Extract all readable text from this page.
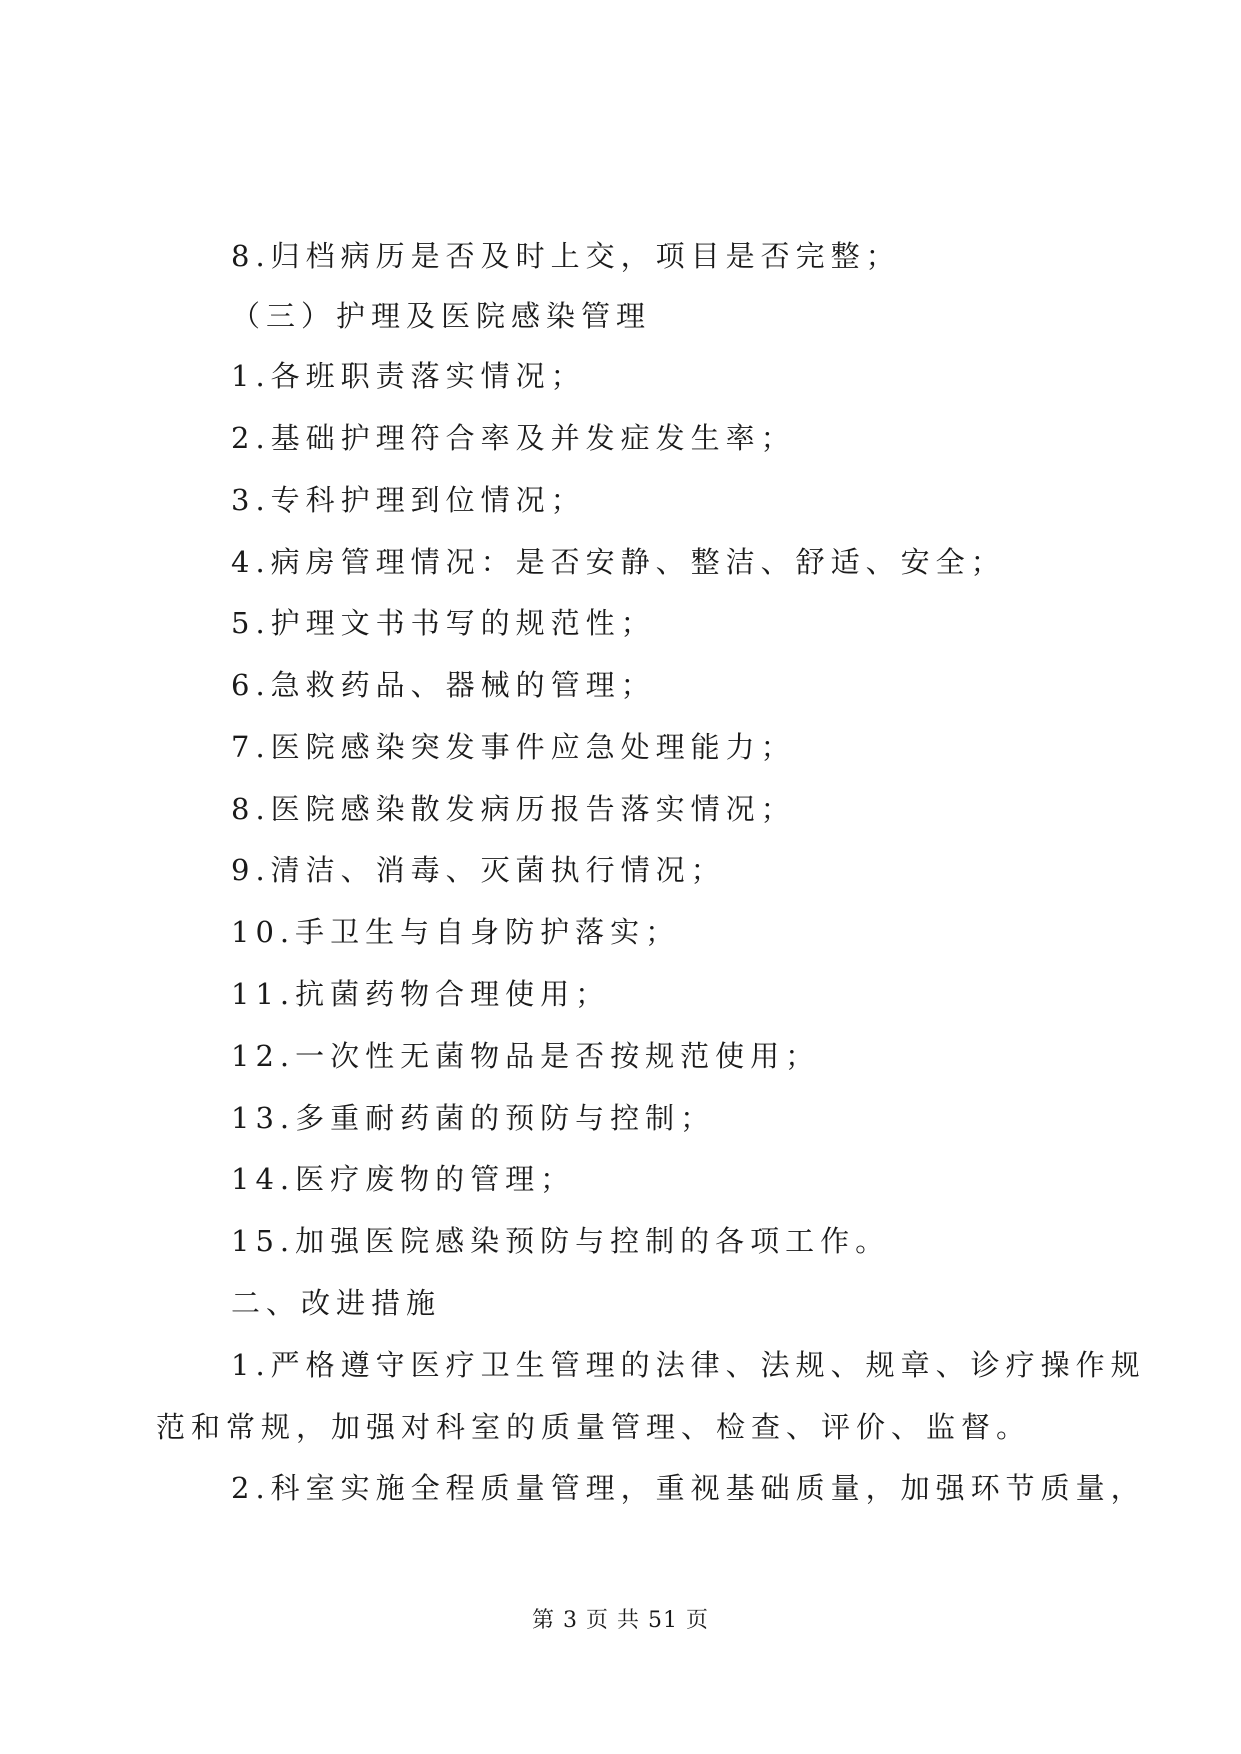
8.归档病历是否及时上交，项目是否完整；
（三）护理及医院感染管理
1.各班职责落实情况；
2.基础护理符合率及并发症发生率；
3.专科护理到位情况；
4.病房管理情况：是否安静、整洁、舒适、安全；
5.护理文书书写的规范性；
6.急救药品、器械的管理；
7.医院感染突发事件应急处理能力；
8.医院感染散发病历报告落实情况；
9.清洁、消毒、灭菌执行情况；
10.手卫生与自身防护落实；
11.抗菌药物合理使用；
12.一次性无菌物品是否按规范使用；
13.多重耐药菌的预防与控制；
14.医疗废物的管理；
15.加强医院感染预防与控制的各项工作。
二、改进措施
1.严格遵守医疗卫生管理的法律、法规、规章、诊疗操作规
范和常规，加强对科室的质量管理、检查、评价、监督。
2.科室实施全程质量管理，重视基础质量，加强环节质量，
第 3 页 共 51 页
